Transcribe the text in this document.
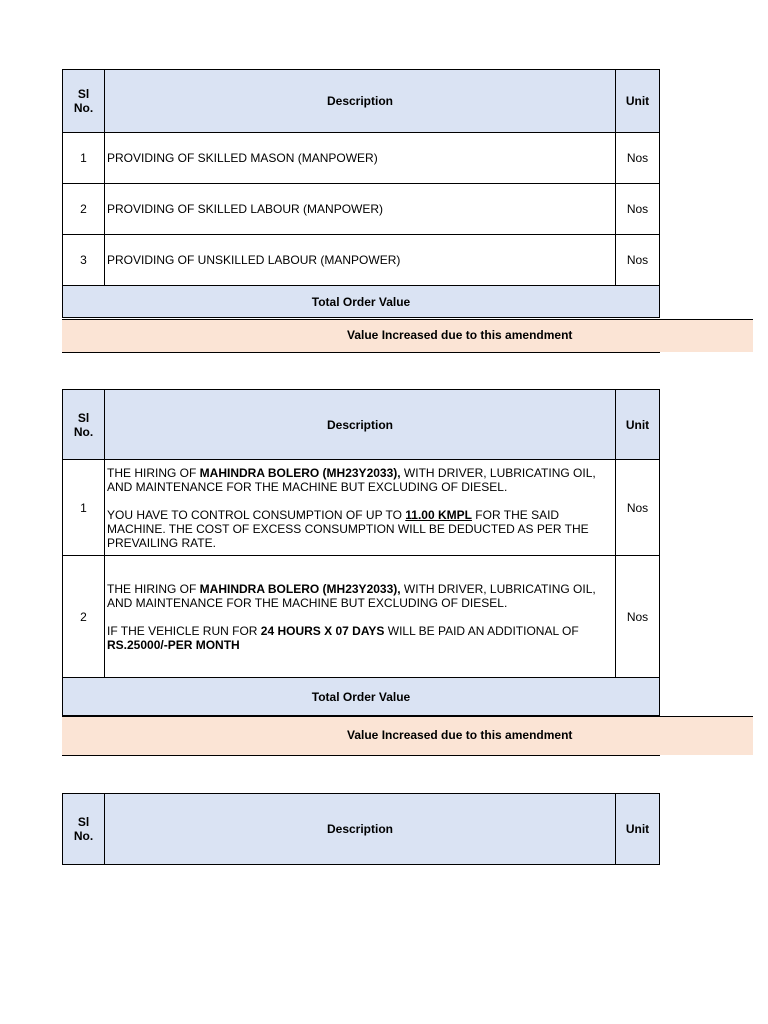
Sl
No.	Description	Unit
1	PROVIDING OF SKILLED MASON (MANPOWER)	Nos
2	PROVIDING OF SKILLED LABOUR (MANPOWER)	Nos
3	PROVIDING OF UNSKILLED LABOUR (MANPOWER)	Nos
Total Order Value		
Value Increased due to this amendment
Sl
No.	Description	Unit
1	THE HIRING OF MAHINDRA BOLERO (MH23Y2033), WITH DRIVER, LUBRICATING OIL, AND MAINTENANCE FOR THE MACHINE BUT EXCLUDING OF DIESEL.
YOU HAVE TO CONTROL CONSUMPTION OF UP TO 11.00 KMPL FOR THE SAID MACHINE. THE COST OF EXCESS CONSUMPTION WILL BE DEDUCTED AS PER THE PREVAILING RATE.	Nos
2	THE HIRING OF MAHINDRA BOLERO (MH23Y2033), WITH DRIVER, LUBRICATING OIL, AND MAINTENANCE FOR THE MACHINE BUT EXCLUDING OF DIESEL.
IF THE VEHICLE RUN FOR 24 HOURS X 07 DAYS WILL BE PAID AN ADDITIONAL OF
RS.25000/-PER MONTH	Nos
Total Order Value		
Value Increased due to this amendment
Sl
No.	Description	Unit
